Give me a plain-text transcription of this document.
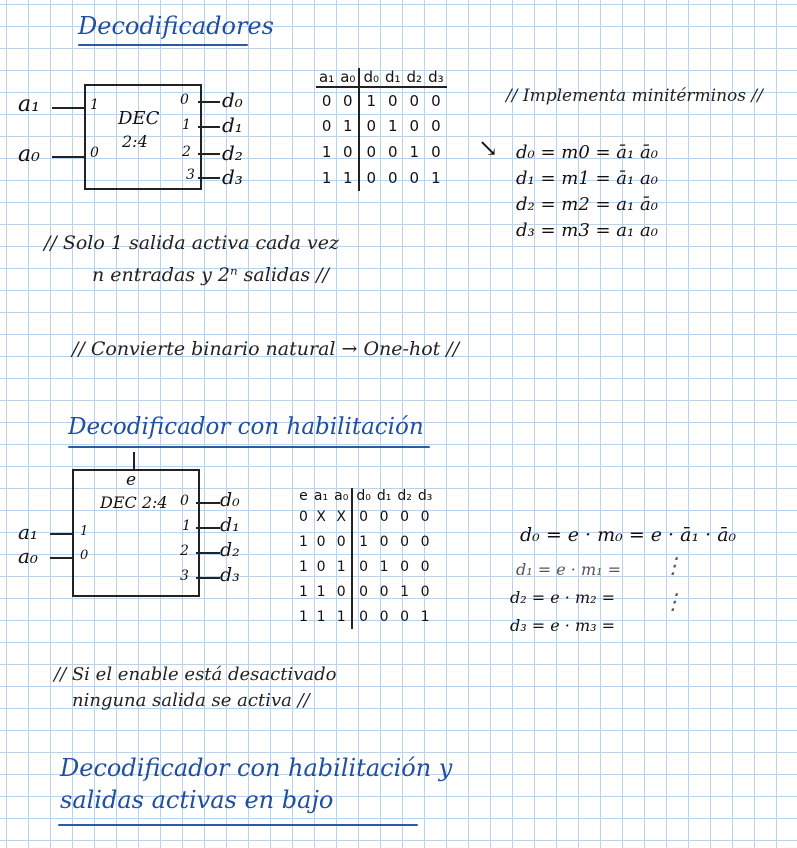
Decodificadores
DEC
2:4
a₁	1
a₀	0
0 d₀
1 d₁
2 d₂
3 d₃
a₁	a₀	d₀	d₁	d₂	d₃
0	0	1	0	0	0
0	1	0	1	0	0
1	0	0	0	1	0
1	1	0	0	0	1
// Implementa minitérminos //
↘ d₀ = m0 = ā₁ ā₀
d₁ = m1 = ā₁ a₀
d₂ = m2 = a₁ ā₀
d₃ = m3 = a₁ a₀
// Solo 1 salida activa cada vez
n entradas y 2ⁿ salidas //
// Convierte binario natural → One-hot //
Decodificador con habilitación
e
DEC 2:4
a₁	1
a₀	0
0 d₀
1 d₁
2 d₂
3 d₃
e	a₁	a₀	d₀	d₁	d₂	d₃
0	X	X	0	0	0	0
1	0	0	1	0	0	0
1	0	1	0	1	0	0
1	1	0	0	0	1	0
1	1	1	0	0	0	1
d₀ = e · m₀ = e · ā₁ · ā₀
d₁ = e · m₁ =
d₂ = e · m₂ =
d₃ = e · m₃ =
⋮
⋮
// Si el enable está desactivado
ninguna salida se activa //
Decodificador con habilitación y
salidas activas en bajo
